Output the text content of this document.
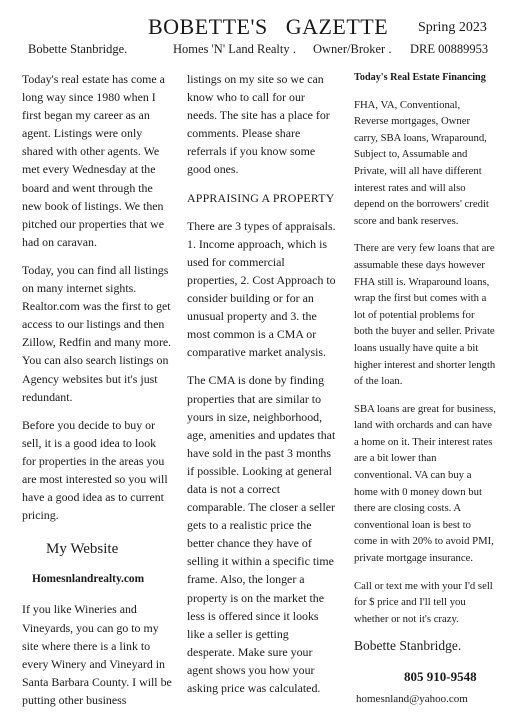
BOBETTE'S   GAZETTE Spring 2023
Bobette Stanbridge.	Homes 'N' Land Realty . Owner/Broker . DRE 00889953

Today's real estate has come a long way since 1980 when I first began my career as an agent. Listings were only shared with other agents. We met every Wednesday at the board and went through the new book of listings. We then pitched our properties that we had on caravan.

Today, you can find all listings on many internet sights. Realtor.com was the first to get access to our listings and then Zillow, Redfin and many more. You can also search listings on Agency websites but it's just redundant.

Before you decide to buy or sell, it is a good idea to look for properties in the areas you are most interested so you will have a good idea as to current pricing.

My Website
Homesnlandrealty.com

If you like Wineries and Vineyards, you can go to my site where there is a link to every Winery and Vineyard in Santa Barbara County. I will be putting other business

listings on my site so we can know who to call for our needs. The site has a place for comments. Please share referrals if you know some good ones.

APPRAISING A PROPERTY

There are 3 types of appraisals. 1. Income approach, which is used for commercial properties, 2. Cost Approach to consider building or for an unusual property and 3. the most common is a CMA or comparative market analysis.

The CMA is done by finding properties that are similar to yours in size, neighborhood, age, amenities and updates that have sold in the past 3 months if possible. Looking at general data is not a correct comparable. The closer a seller gets to a realistic price the better chance they have of selling it within a specific time frame. Also, the longer a property is on the market the less is offered since it looks like a seller is getting desperate. Make sure your agent shows you how your asking price was calculated.

Today's Real Estate Financing

FHA, VA, Conventional, Reverse mortgages, Owner carry, SBA loans, Wraparound, Subject to, Assumable and Private, will all have different interest rates and will also depend on the borrowers' credit score and bank reserves.

There are very few loans that are assumable these days however FHA still is. Wraparound loans, wrap the first but comes with a lot of potential problems for both the buyer and seller. Private loans usually have quite a bit higher interest and shorter length of the loan.

SBA loans are great for business, land with orchards and can have a home on it. Their interest rates are a bit lower than conventional. VA can buy a home with 0 money down but there are closing costs. A conventional loan is best to come in with 20% to avoid PMI, private mortgage insurance.

Call or text me with your I'd sell for $ price and I'll tell you whether or not it's crazy.

Bobette Stanbridge.
805 910-9548
homesnland@yahoo.com
